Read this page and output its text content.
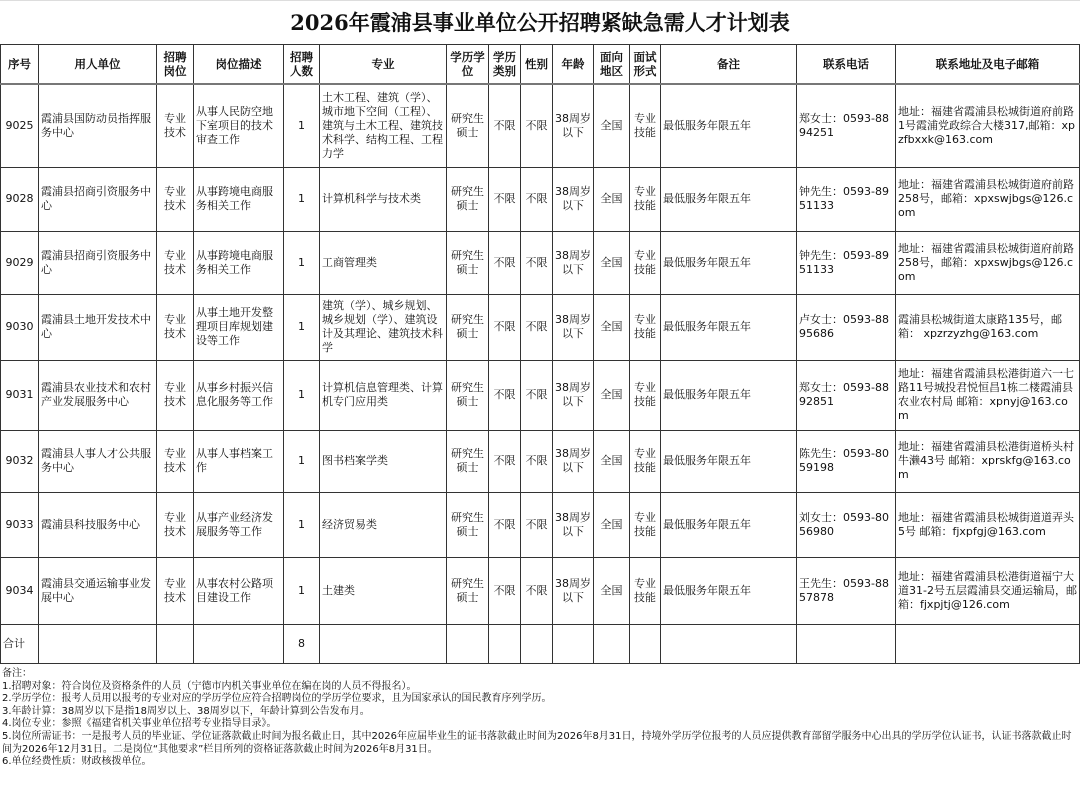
2026年霞浦县事业单位公开招聘紧缺急需人才计划表
序号	用人单位	招聘岗位	岗位描述	招聘人数	专业	学历学位	学历类别	性别	年龄	面向地区	面试形式	备注	联系电话	联系地址及电子邮箱
9025	霞浦县国防动员指挥服务中心	专业技术	从事人民防空地下室项目的技术审查工作	1	土木工程、建筑（学）、城市地下空间（工程）、建筑与土木工程、建筑技术科学、结构工程、工程力学	研究生硕士	不限	不限	38周岁以下	全国	专业技能	最低服务年限五年	郑女士：0593-8894251	地址：福建省霞浦县松城街道府前路1号霞浦党政综合大楼317,邮箱：xpzfbxxk@163.com
9028	霞浦县招商引资服务中心	专业技术	从事跨境电商服务相关工作	1	计算机科学与技术类	研究生硕士	不限	不限	38周岁以下	全国	专业技能	最低服务年限五年	钟先生：0593-8951133	地址：福建省霞浦县松城街道府前路258号，邮箱：xpxswjbgs@126.com
9029	霞浦县招商引资服务中心	专业技术	从事跨境电商服务相关工作	1	工商管理类	研究生硕士	不限	不限	38周岁以下	全国	专业技能	最低服务年限五年	钟先生：0593-8951133	地址：福建省霞浦县松城街道府前路258号，邮箱：xpxswjbgs@126.com
9030	霞浦县土地开发技术中心	专业技术	从事土地开发整理项目库规划建设等工作	1	建筑（学）、城乡规划、城乡规划（学）、建筑设计及其理论、建筑技术科学	研究生硕士	不限	不限	38周岁以下	全国	专业技能	最低服务年限五年	卢女士：0593-8895686	霞浦县松城街道太康路135号，邮箱： xpzrzyzhg@163.com
9031	霞浦县农业技术和农村产业发展服务中心	专业技术	从事乡村振兴信息化服务等工作	1	计算机信息管理类、计算机专门应用类	研究生硕士	不限	不限	38周岁以下	全国	专业技能	最低服务年限五年	郑女士：0593-8892851	地址：福建省霞浦县松港街道六一七路11号城投君悦恒昌1栋二楼霞浦县农业农村局 邮箱：xpnyj@163.com
9032	霞浦县人事人才公共服务中心	专业技术	从事人事档案工作	1	图书档案学类	研究生硕士	不限	不限	38周岁以下	全国	专业技能	最低服务年限五年	陈先生：0593-8059198	地址：福建省霞浦县松港街道桥头村牛濑43号 邮箱：xprskfg@163.com
9033	霞浦县科技服务中心	专业技术	从事产业经济发展服务等工作	1	经济贸易类	研究生硕士	不限	不限	38周岁以下	全国	专业技能	最低服务年限五年	刘女士：0593-8056980	地址：福建省霞浦县松城街道道弄头5号 邮箱：fjxpfgj@163.com
9034	霞浦县交通运输事业发展中心	专业技术	从事农村公路项目建设工作	1	土建类	研究生硕士	不限	不限	38周岁以下	全国	专业技能	最低服务年限五年	王先生：0593-8857878	地址：福建省霞浦县松港街道福宁大道31-2号五层霞浦县交通运输局，邮箱：fjxpjtj@126.com
合计				8										
备注：
1.招聘对象：符合岗位及资格条件的人员（宁德市内机关事业单位在编在岗的人员不得报名）。
2.学历学位：报考人员用以报考的专业对应的学历学位应符合招聘岗位的学历学位要求，且为国家承认的国民教育序列学历。
3.年龄计算：38周岁以下是指18周岁以上、38周岁以下，年龄计算到公告发布月。
4.岗位专业：参照《福建省机关事业单位招考专业指导目录》。
5.岗位所需证书：一是报考人员的毕业证、学位证落款截止时间为报名截止日，其中2026年应届毕业生的证书落款截止时间为2026年8月31日，持境外学历学位报考的人员应提供教育部留学服务中心出具的学历学位认证书，认证书落款截止时间为2026年12月31日。二是岗位“其他要求”栏目所列的资格证落款截止时间为2026年8月31日。
6.单位经费性质：财政核拨单位。
